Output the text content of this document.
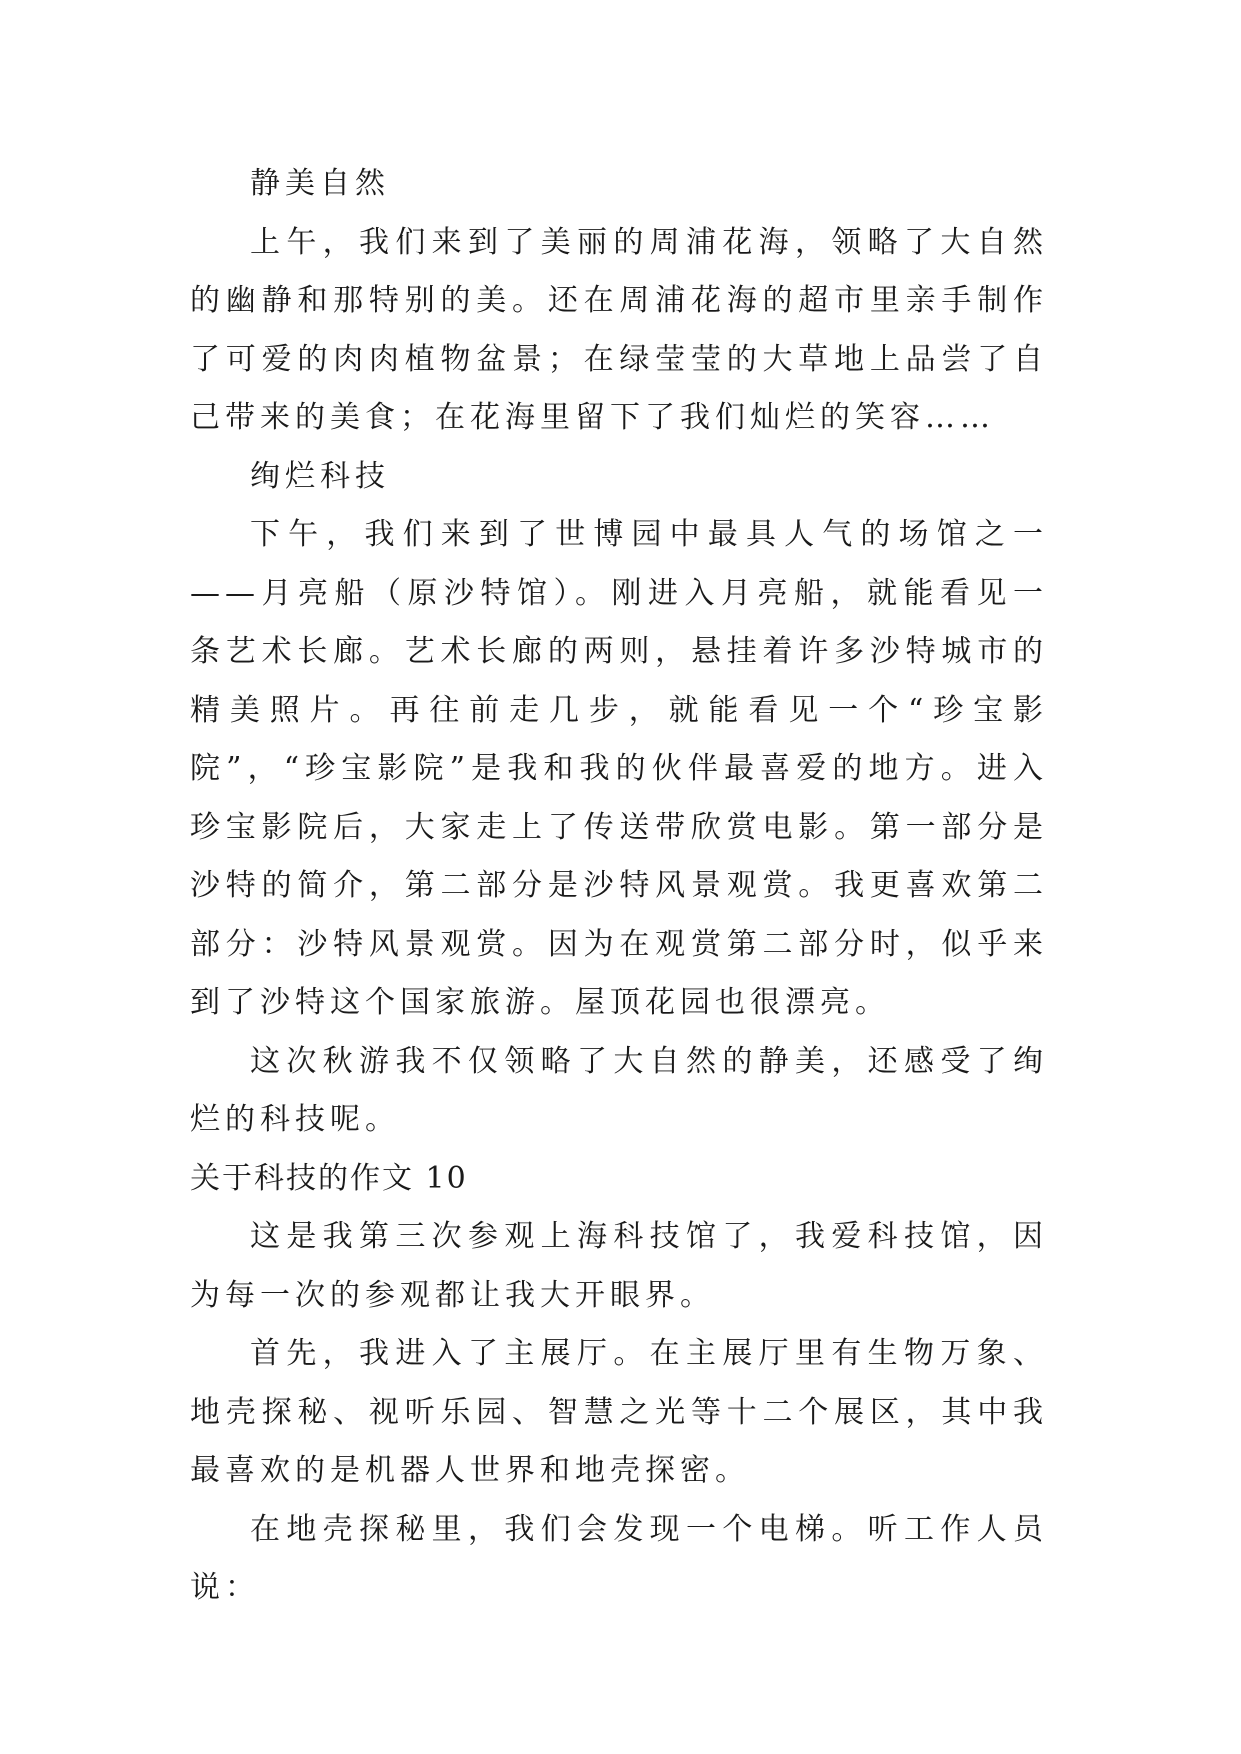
静美自然

上午，我们来到了美丽的周浦花海，领略了大自然的幽静和那特别的美。还在周浦花海的超市里亲手制作了可爱的肉肉植物盆景；在绿莹莹的大草地上品尝了自己带来的美食；在花海里留下了我们灿烂的笑容……

绚烂科技

下午，我们来到了世博园中最具人气的场馆之一 ——月亮船（原沙特馆）。刚进入月亮船，就能看见一条艺术长廊。艺术长廊的两则，悬挂着许多沙特城市的精美照片。再往前走几步，就能看见一个“珍宝影院”，“珍宝影院”是我和我的伙伴最喜爱的地方。进入珍宝影院后，大家走上了传送带欣赏电影。第一部分是沙特的简介，第二部分是沙特风景观赏。我更喜欢第二部分：沙特风景观赏。因为在观赏第二部分时，似乎来到了沙特这个国家旅游。屋顶花园也很漂亮。

这次秋游我不仅领略了大自然的静美，还感受了绚烂的科技呢。

关于科技的作文 10

这是我第三次参观上海科技馆了，我爱科技馆，因为每一次的参观都让我大开眼界。

首先，我进入了主展厅。在主展厅里有生物万象、地壳探秘、视听乐园、智慧之光等十二个展区，其中我最喜欢的是机器人世界和地壳探密。

在地壳探秘里，我们会发现一个电梯。听工作人员说：
